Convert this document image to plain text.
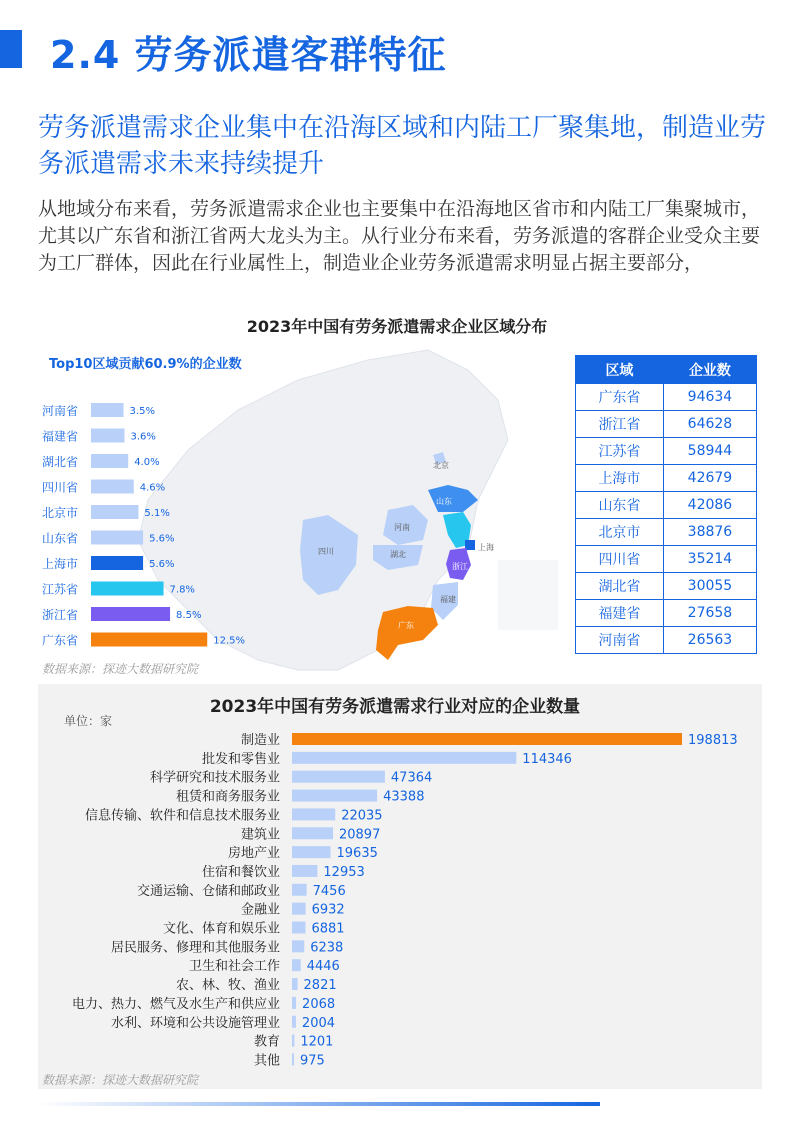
2.4 劳务派遣客群特征
劳务派遣需求企业集中在沿海区域和内陆工厂聚集地，制造业劳务派遣需求未来持续提升
从地域分布来看，劳务派遣需求企业也主要集中在沿海地区省市和内陆工厂集聚城市，尤其以广东省和浙江省两大龙头为主。从行业分布来看，劳务派遣的客群企业受众主要为工厂群体，因此在行业属性上，制造业企业劳务派遣需求明显占据主要部分，
2023年中国有劳务派遣需求企业区域分布
北京
山东
河南
四川	湖北
上海
浙江
福建
广东
Top10区域贡献60.9%的企业数
河南省	3.5%
福建省	3.6%
湖北省	4.0%
四川省	4.6%
北京市	5.1%
山东省	5.6%
上海市	5.6%
江苏省	7.8%
浙江省	8.5%
广东省	12.5%
数据来源：探迹大数据研究院
区域	企业数
广东省	94634
浙江省	64628
江苏省	58944
上海市	42679
山东省	42086
北京市	38876
四川省	35214
湖北省	30055
福建省	27658
河南省	26563
2023年中国有劳务派遣需求行业对应的企业数量
单位：家
制造业	198813
批发和零售业	114346
科学研究和技术服务业	47364
租赁和商务服务业	43388
信息传输、软件和信息技术服务业	22035
建筑业	20897
房地产业	19635
住宿和餐饮业	12953
交通运输、仓储和邮政业	7456
金融业 6932
文化、体育和娱乐业 6881
居民服务、修理和其他服务业 6238
卫生和社会工作 4446
农、林、牧、渔业 2821
电力、热力、燃气及水生产和供应业 2068
水利、环境和公共设施管理业 2004
教育 1201
其他 975
数据来源：探迹大数据研究院
